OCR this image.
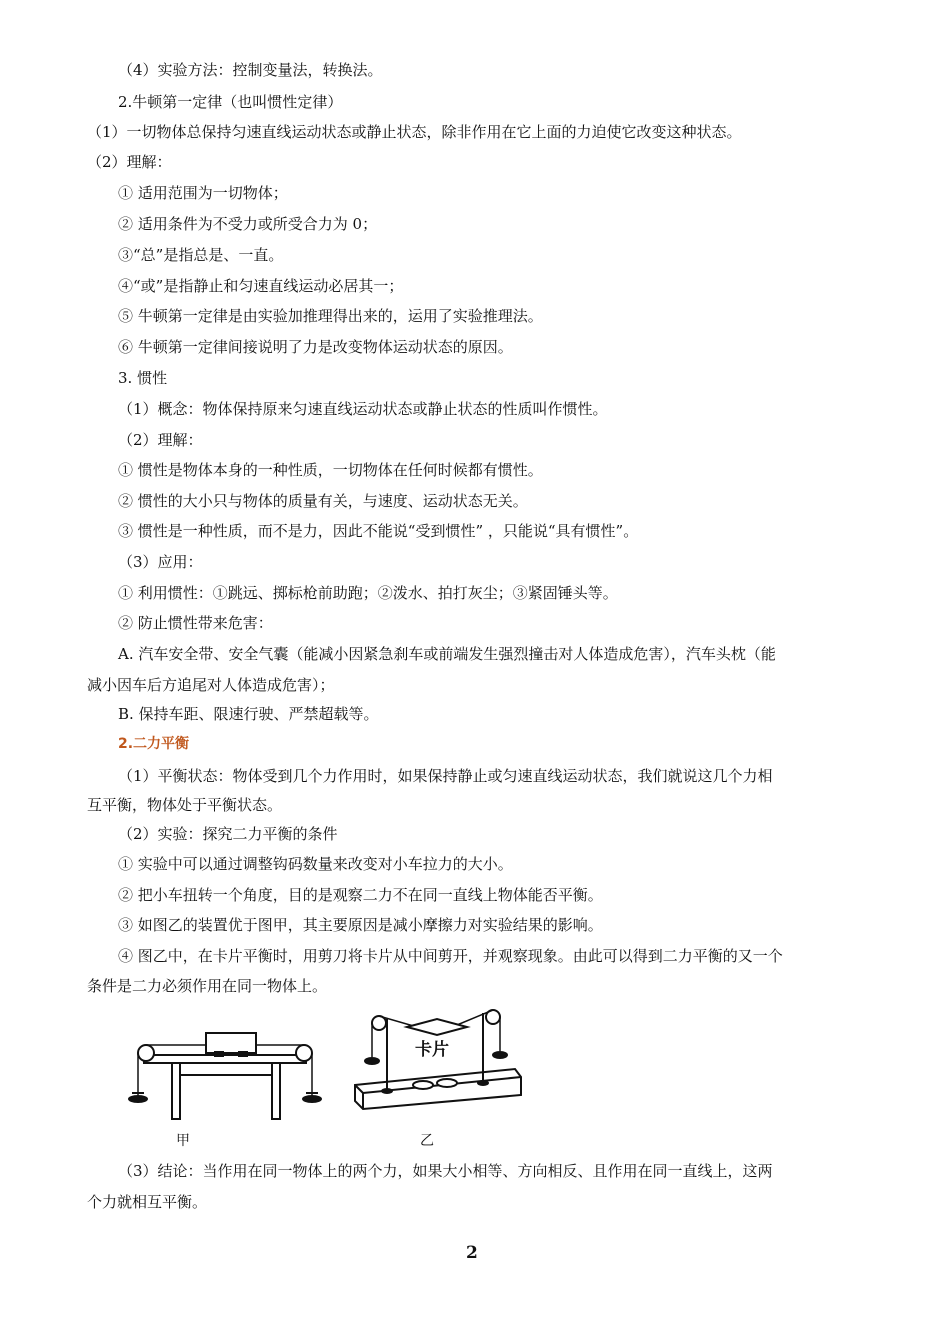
（4）实验方法：控制变量法，转换法。

2.牛顿第一定律（也叫惯性定律）

（1）一切物体总保持匀速直线运动状态或静止状态，除非作用在它上面的力迫使它改变这种状态。

（2）理解：

① 适用范围为一切物体；

② 适用条件为不受力或所受合力为 0；

③“总”是指总是、一直。

④“或”是指静止和匀速直线运动必居其一；

⑤ 牛顿第一定律是由实验加推理得出来的，运用了实验推理法。

⑥ 牛顿第一定律间接说明了力是改变物体运动状态的原因。

3. 惯性

（1）概念：物体保持原来匀速直线运动状态或静止状态的性质叫作惯性。

（2）理解：

① 惯性是物体本身的一种性质，一切物体在任何时候都有惯性。

② 惯性的大小只与物体的质量有关，与速度、运动状态无关。

③ 惯性是一种性质，而不是力，因此不能说“受到惯性” ，只能说“具有惯性”。

（3）应用：

① 利用惯性：①跳远、掷标枪前助跑；②泼水、拍打灰尘；③紧固锤头等。

② 防止惯性带来危害：

A. 汽车安全带、安全气囊（能减小因紧急刹车或前端发生强烈撞击对人体造成危害），汽车头枕（能

减小因车后方追尾对人体造成危害）；

B. 保持车距、限速行驶、严禁超载等。

2.二力平衡

（1）平衡状态：物体受到几个力作用时，如果保持静止或匀速直线运动状态，我们就说这几个力相

互平衡，物体处于平衡状态。

（2）实验：探究二力平衡的条件

① 实验中可以通过调整钩码数量来改变对小车拉力的大小。

② 把小车扭转一个角度，目的是观察二力不在同一直线上物体能否平衡。

③ 如图乙的装置优于图甲，其主要原因是减小摩擦力对实验结果的影响。

④ 图乙中，在卡片平衡时，用剪刀将卡片从中间剪开，并观察现象。由此可以得到二力平衡的又一个

条件是二力必须作用在同一物体上。

卡片
甲	乙

（3）结论：当作用在同一物体上的两个力，如果大小相等、方向相反、且作用在同一直线上，这两

个力就相互平衡。

2
